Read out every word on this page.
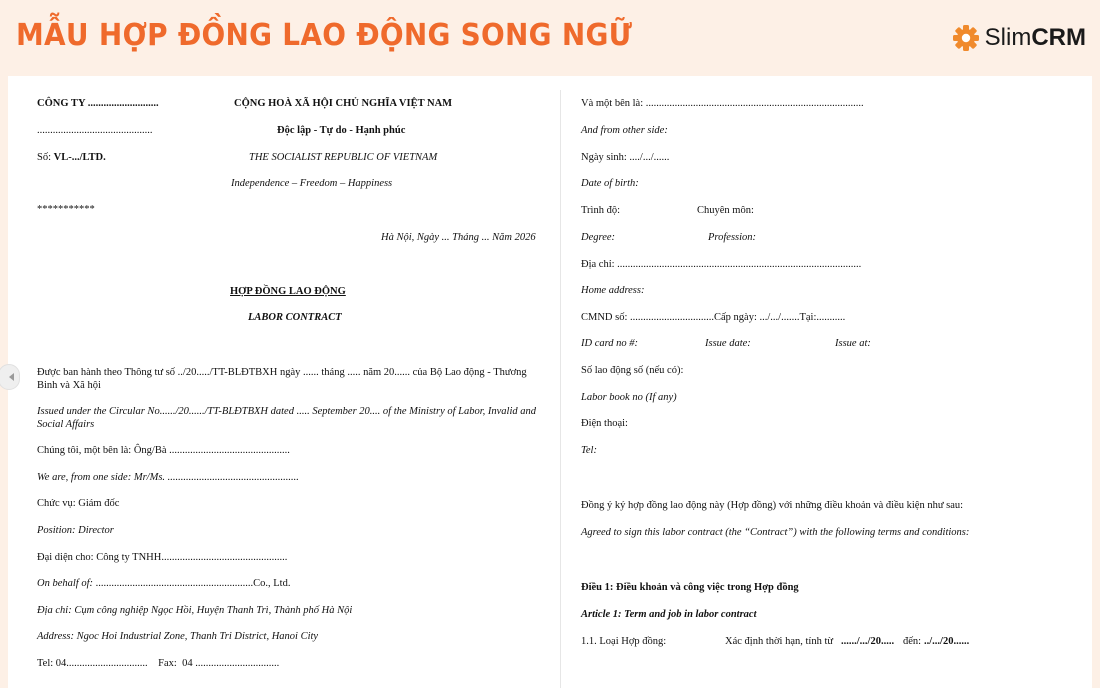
MẪU HỢP ĐỒNG LAO ĐỘNG SONG NGỮ	SlimCRM
CÔNG TY ...........................	CỘNG HOÀ XÃ HỘI CHỦ NGHĨA VIỆT NAM
............................................	Độc lập - Tự do - Hạnh phúc
Số: VL-.../LTD.	THE SOCIALIST REPUBLIC OF VIETNAM
Independence – Freedom – Happiness
***********
Hà Nội, Ngày ... Tháng ... Năm 2026
HỢP ĐỒNG LAO ĐỘNG
LABOR CONTRACT
Được ban hành theo Thông tư số ../20...../TT-BLĐTBXH ngày ...... tháng ..... năm 20...... của Bộ Lao động - Thương Binh và Xã hội
Issued under the Circular No....../20....../TT-BLĐTBXH dated ..... September 20.... of the Ministry of Labor, Invalid and Social Affairs
Chúng tôi, một bên là: Ông/Bà ..............................................
We are, from one side: Mr/Ms. ..................................................
Chức vụ: Giám đốc
Position: Director
Đại diện cho: Công ty TNHH................................................
On behalf of: ............................................................Co., Ltd.
Địa chỉ: Cụm công nghiệp Ngọc Hồi, Huyện Thanh Trì, Thành phố Hà Nội
Address: Ngoc Hoi Industrial Zone, Thanh Tri District, Hanoi City
Tel: 04...............................    Fax:  04 ................................
Và một bên là: ...................................................................................
And from other side:
Ngày sinh: ..../.../......
Date of birth:
Trình độ:	Chuyên môn:
Degree:	Profession:
Địa chỉ: .............................................................................................
Home address:
CMND số: ................................Cấp ngày: .../.../.......Tại:...........
ID card no #:	Issue date:	Issue at:
Số lao động số (nếu có):
Labor book no (If any)
Điện thoại:
Tel:
Đồng ý ký hợp đồng lao động này (Hợp đồng) với những điều khoản và điều kiện như sau:
Agreed to sign this labor contract (the “Contract”) with the following terms and conditions:
Điều 1: Điều khoản và công việc trong Hợp đồng
Article 1: Term and job in labor contract
1.1. Loại Hợp đồng:	Xác định thời hạn, tính từ ....../.../20..... đến: ../.../20......
